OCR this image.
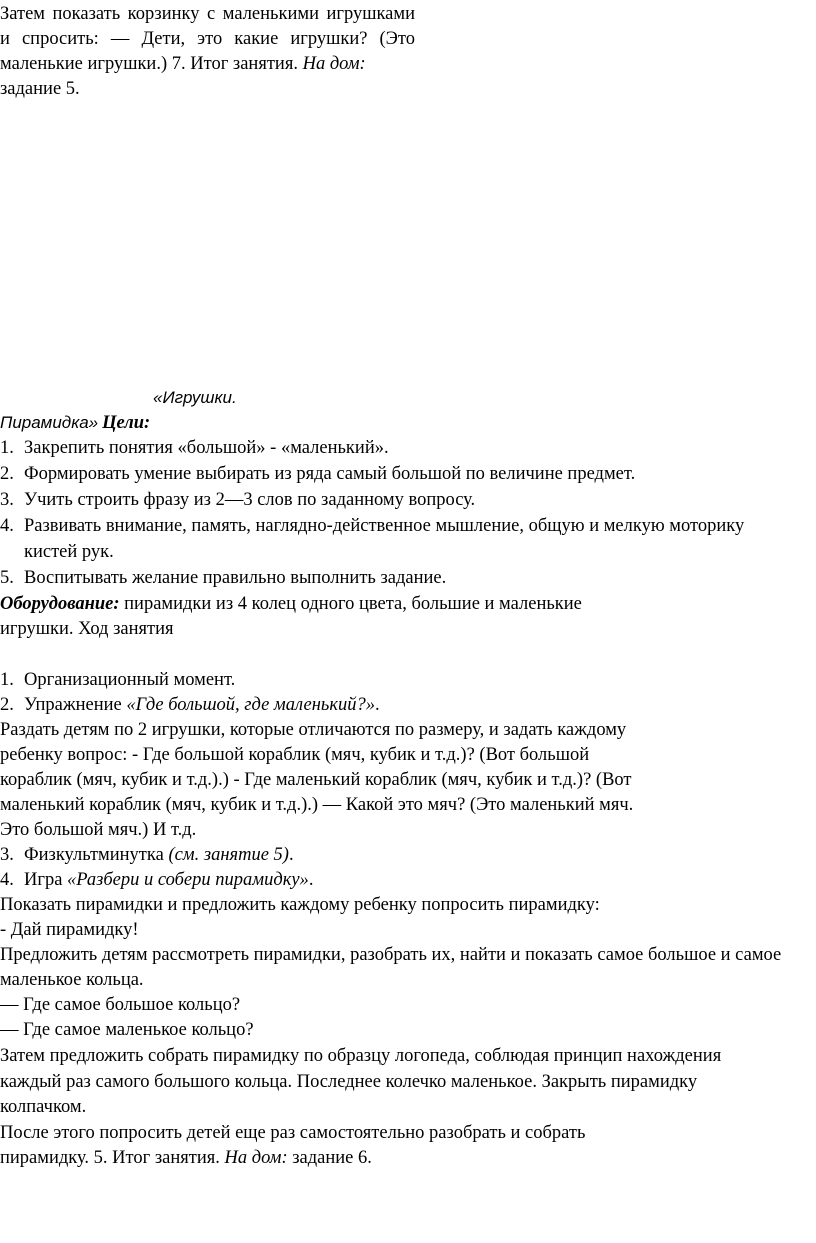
Затем показать корзинку с маленькими игрушками
и спросить: — Дети, это какие игрушки? (Это
маленькие игрушки.) 7. Итог занятия. На дом:
задание 5.
«Игрушки.
Пирамидка» Цели:
1. Закрепить понятия «большой» - «маленький».
2. Формировать умение выбирать из ряда самый большой по величине предмет.
3. Учить строить фразу из 2—3 слов по заданному вопросу.
4. Развивать внимание, память, наглядно-действенное мышление, общую и мелкую моторику
кистей рук.
5. Воспитывать желание правильно выполнить задание.
Оборудование: пирамидки из 4 колец одного цвета, большие и маленькие
игрушки. Ход занятия
1. Организационный момент.
2. Упражнение «Где большой, где маленький?».
Раздать детям по 2 игрушки, которые отличаются по размеру, и задать каждому
ребенку вопрос: - Где большой кораблик (мяч, кубик и т.д.)? (Вот большой
кораблик (мяч, кубик и т.д.).) - Где маленький кораблик (мяч, кубик и т.д.)? (Вот
маленький кораблик (мяч, кубик и т.д.).) — Какой это мяч? (Это маленький мяч.
Это большой мяч.) И т.д.
3. Физкультминутка (см. занятие 5).
4. Игра «Разбери и собери пирамидку».
Показать пирамидки и предложить каждому ребенку попросить пирамидку:
- Дай пирамидку!
Предложить детям рассмотреть пирамидки, разобрать их, найти и показать самое большое и самое
маленькое кольца.
— Где самое большое кольцо?
— Где самое маленькое кольцо?
Затем предложить собрать пирамидку по образцу логопеда, соблюдая принцип нахождения
каждый раз самого большого кольца. Последнее колечко маленькое. Закрыть пирамидку
колпачком.
После этого попросить детей еще раз самостоятельно разобрать и собрать
пирамидку. 5. Итог занятия. На дом: задание 6.
